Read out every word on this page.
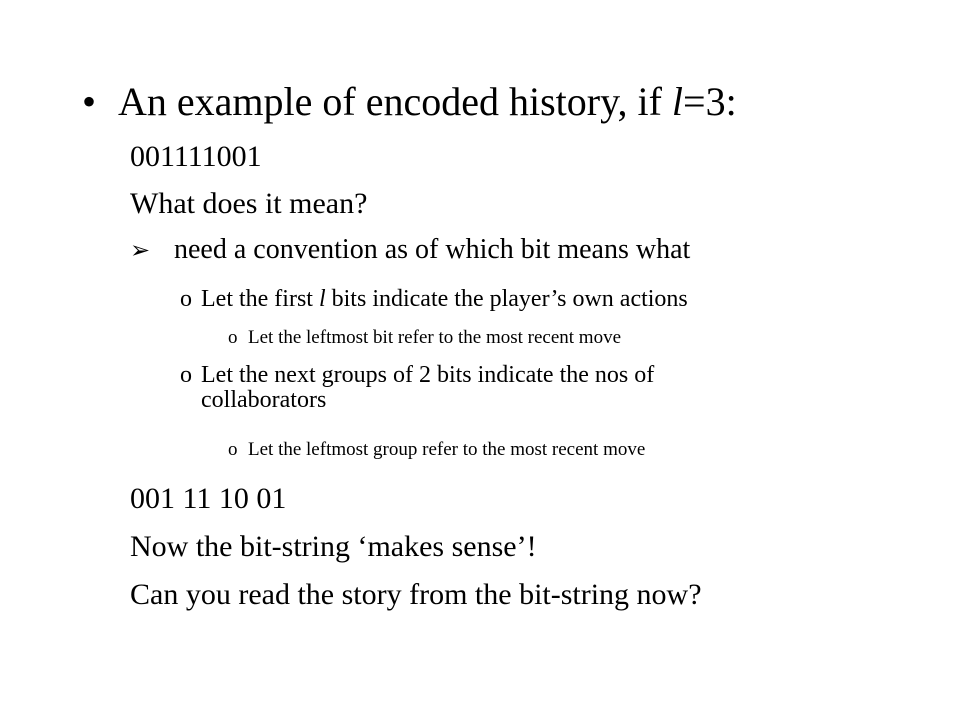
• An example of encoded history, if l=3:

001111001

What does it mean?

➢ need a convention as of which bit means what

o Let the first l bits indicate the player’s own actions

o Let the leftmost bit refer to the most recent move

o Let the next groups of 2 bits indicate the nos of
collaborators

o Let the leftmost group refer to the most recent move

001 11 10 01

Now the bit-string ‘makes sense’!

Can you read the story from the bit-string now?
